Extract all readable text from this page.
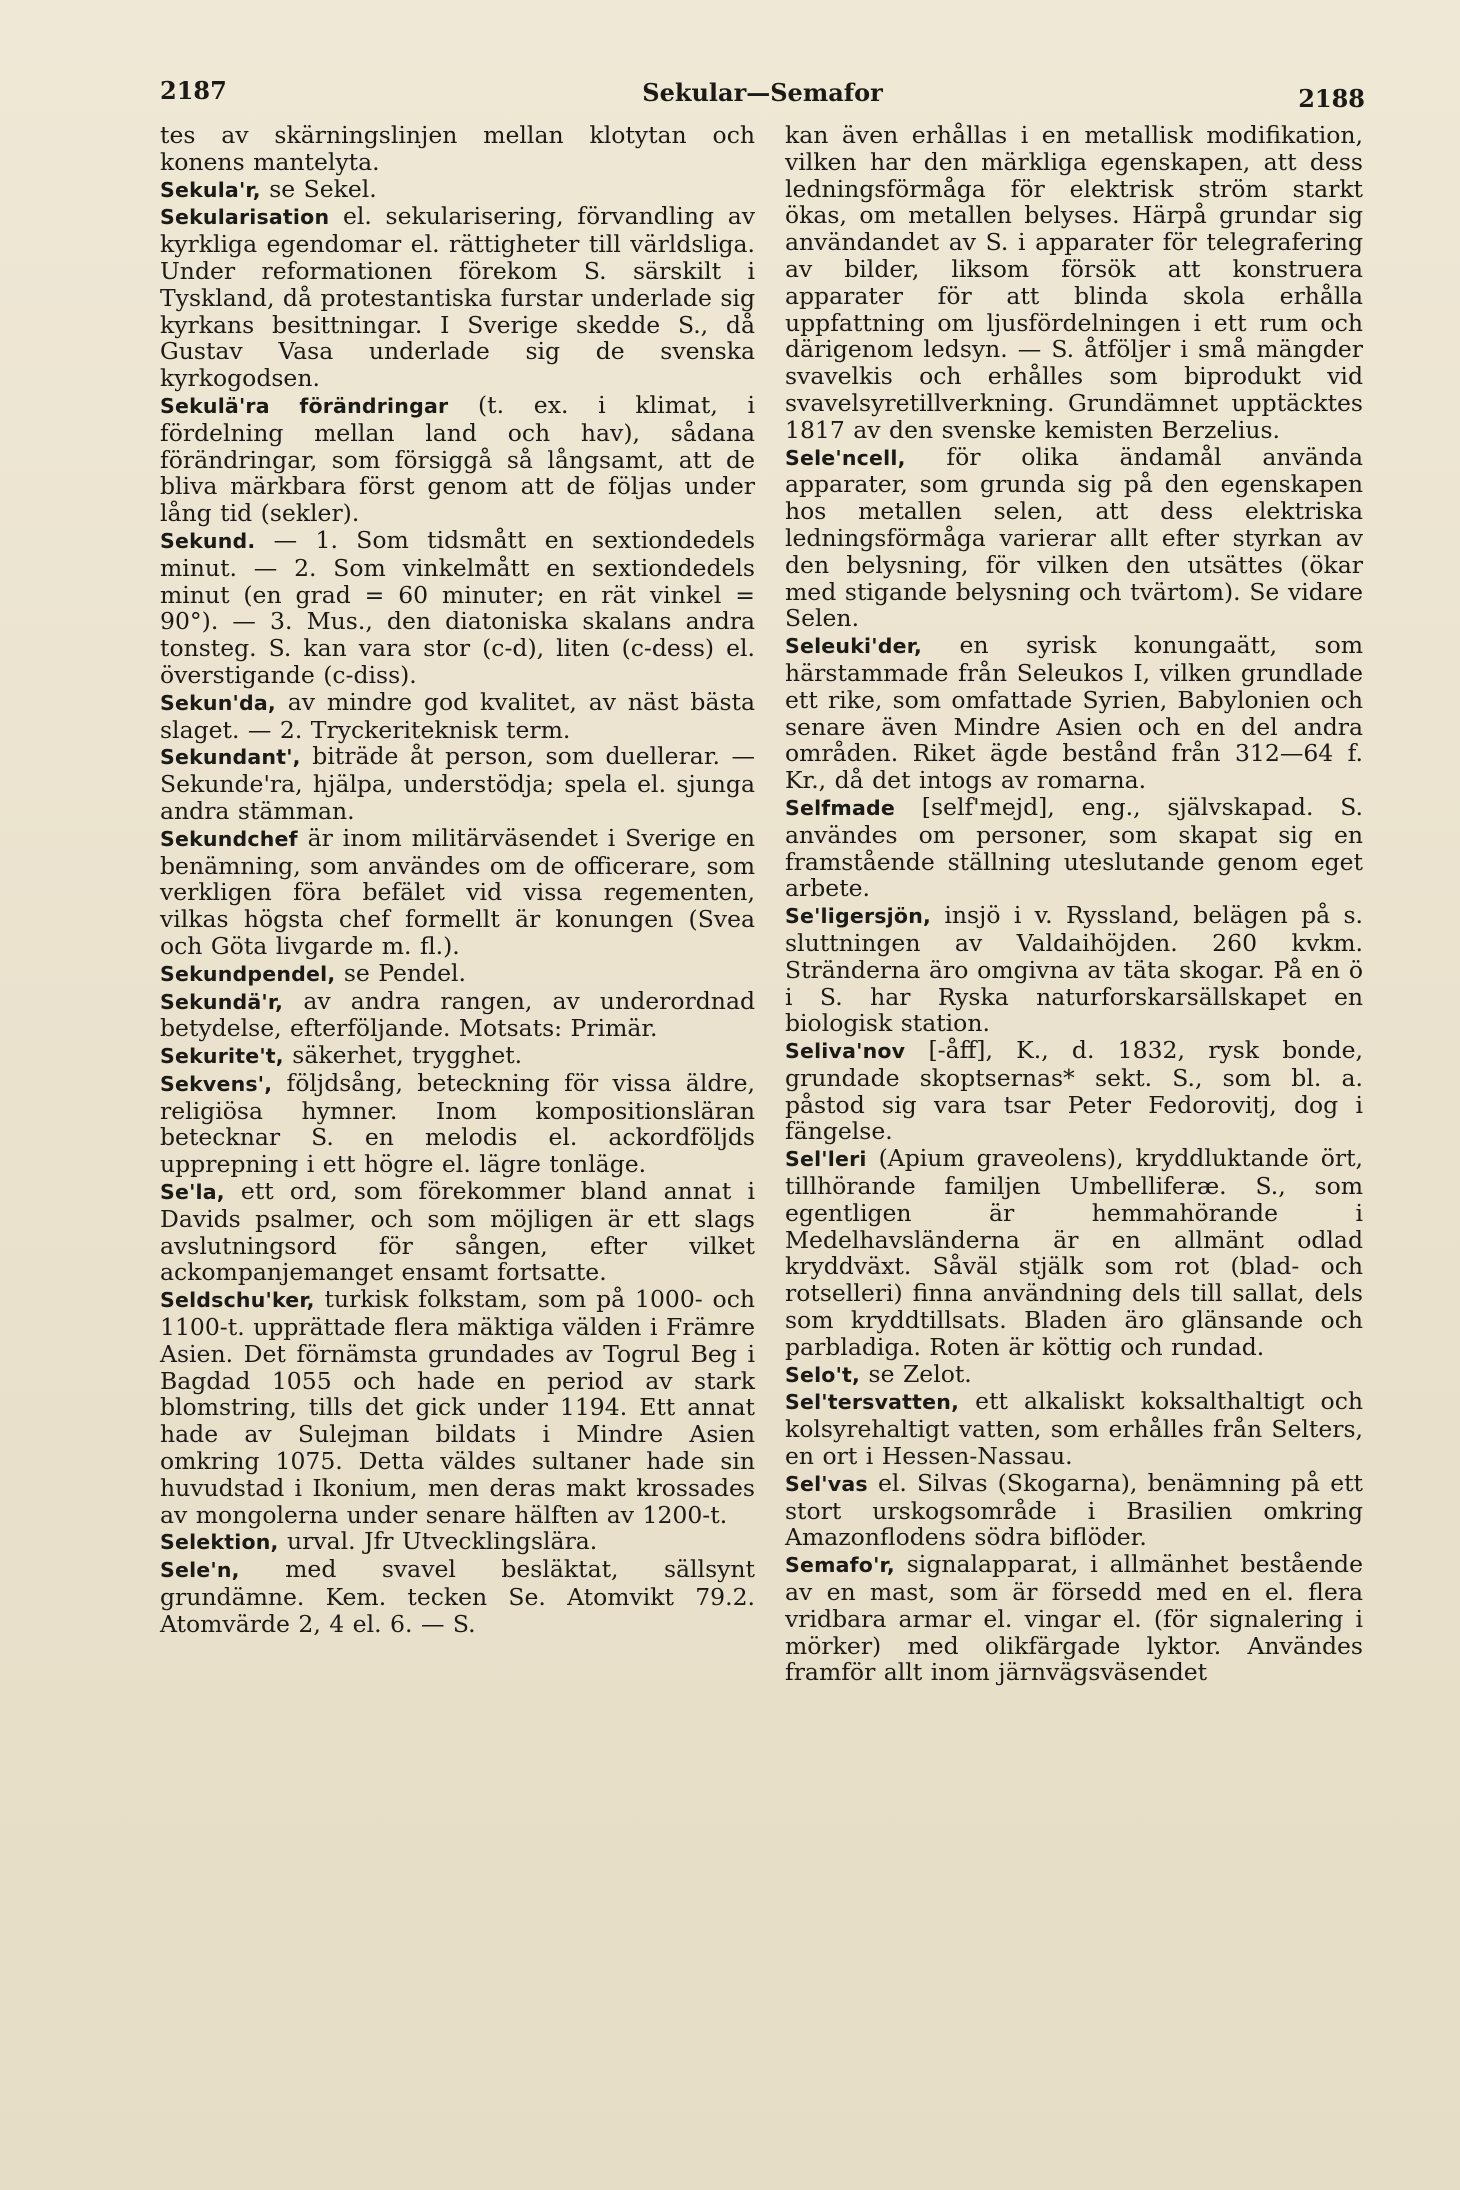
2187	Sekular—Semafor	2188

tes av skärningslinjen mellan klotytan och konens mantelyta.

Sekula'r, se Sekel.

Sekularisation el. sekularisering, förvandling av kyrkliga egendomar el. rättigheter till världsliga. Under reformationen förekom S. särskilt i Tyskland, då protestantiska furstar underlade sig kyrkans besittningar. I Sverige skedde S., då Gustav Vasa underlade sig de svenska kyrkogodsen.

Sekulä'ra förändringar (t. ex. i klimat, i fördelning mellan land och hav), sådana förändringar, som försiggå så långsamt, att de bliva märkbara först genom att de följas under lång tid (sekler).

Sekund. — 1. Som tidsmått en sextiondedels minut. — 2. Som vinkelmått en sextiondedels minut (en grad = 60 minuter; en rät vinkel = 90°). — 3. Mus., den diatoniska skalans andra tonsteg. S. kan vara stor (c-d), liten (c-dess) el. överstigande (c-diss).

Sekun'da, av mindre god kvalitet, av näst bästa slaget. — 2. Tryckeriteknisk term.

Sekundant', biträde åt person, som duellerar. — Sekunde'ra, hjälpa, understödja; spela el. sjunga andra stämman.

Sekundchef är inom militärväsendet i Sverige en benämning, som användes om de officerare, som verkligen föra befälet vid vissa regementen, vilkas högsta chef formellt är konungen (Svea och Göta livgarde m. fl.).

Sekundpendel, se Pendel.

Sekundä'r, av andra rangen, av underordnad betydelse, efterföljande. Motsats: Primär.

Sekurite't, säkerhet, trygghet.

Sekvens', följdsång, beteckning för vissa äldre, religiösa hymner. Inom kompositionsläran betecknar S. en melodis el. ackordföljds upprepning i ett högre el. lägre tonläge.

Se'la, ett ord, som förekommer bland annat i Davids psalmer, och som möjligen är ett slags avslutningsord för sången, efter vilket ackompanjemanget ensamt fortsatte.

Seldschu'ker, turkisk folkstam, som på 1000- och 1100-t. upprättade flera mäktiga välden i Främre Asien. Det förnämsta grundades av Togrul Beg i Bagdad 1055 och hade en period av stark blomstring, tills det gick under 1194. Ett annat hade av Sulejman bildats i Mindre Asien omkring 1075. Detta väldes sultaner hade sin huvudstad i Ikonium, men deras makt krossades av mongolerna under senare hälften av 1200-t.

Selektion, urval. Jfr Utvecklingslära.

Sele'n, med svavel besläktat, sällsynt grundämne. Kem. tecken Se. Atomvikt 79.2. Atomvärde 2, 4 el. 6. — S.

kan även erhållas i en metallisk modifikation, vilken har den märkliga egenskapen, att dess ledningsförmåga för elektrisk ström starkt ökas, om metallen belyses. Härpå grundar sig användandet av S. i apparater för telegrafering av bilder, liksom försök att konstruera apparater för att blinda skola erhålla uppfattning om ljusfördelningen i ett rum och därigenom ledsyn. — S. åtföljer i små mängder svavelkis och erhålles som biprodukt vid svavelsyretillverkning. Grundämnet upptäcktes 1817 av den svenske kemisten Berzelius.

Sele'ncell, för olika ändamål använda apparater, som grunda sig på den egenskapen hos metallen selen, att dess elektriska ledningsförmåga varierar allt efter styrkan av den belysning, för vilken den utsättes (ökar med stigande belysning och tvärtom). Se vidare Selen.

Seleuki'der, en syrisk konungaätt, som härstammade från Seleukos I, vilken grundlade ett rike, som omfattade Syrien, Babylonien och senare även Mindre Asien och en del andra områden. Riket ägde bestånd från 312—64 f. Kr., då det intogs av romarna.

Selfmade [self'mejd], eng., självskapad. S. användes om personer, som skapat sig en framstående ställning uteslutande genom eget arbete.

Se'ligersjön, insjö i v. Ryssland, belägen på s. sluttningen av Valdaihöjden. 260 kvkm. Stränderna äro omgivna av täta skogar. På en ö i S. har Ryska naturforskarsällskapet en biologisk station.

Seliva'nov [-åff], K., d. 1832, rysk bonde, grundade skoptsernas* sekt. S., som bl. a. påstod sig vara tsar Peter Fedorovitj, dog i fängelse.

Sel'leri (Apium graveolens), kryddluktande ört, tillhörande familjen Umbelliferæ. S., som egentligen är hemmahörande i Medelhavsländerna är en allmänt odlad kryddväxt. Såväl stjälk som rot (blad- och rotselleri) finna användning dels till sallat, dels som kryddtillsats. Bladen äro glänsande och parbladiga. Roten är köttig och rundad.

Selo't, se Zelot.

Sel'tersvatten, ett alkaliskt koksalthaltigt och kolsyrehaltigt vatten, som erhålles från Selters, en ort i Hessen-Nassau.

Sel'vas el. Silvas (Skogarna), benämning på ett stort urskogsområde i Brasilien omkring Amazonflodens södra biflöder.

Semafo'r, signalapparat, i allmänhet bestående av en mast, som är försedd med en el. flera vridbara armar el. vingar el. (för signalering i mörker) med olikfärgade lyktor. Användes framför allt inom järnvägsväsendet
